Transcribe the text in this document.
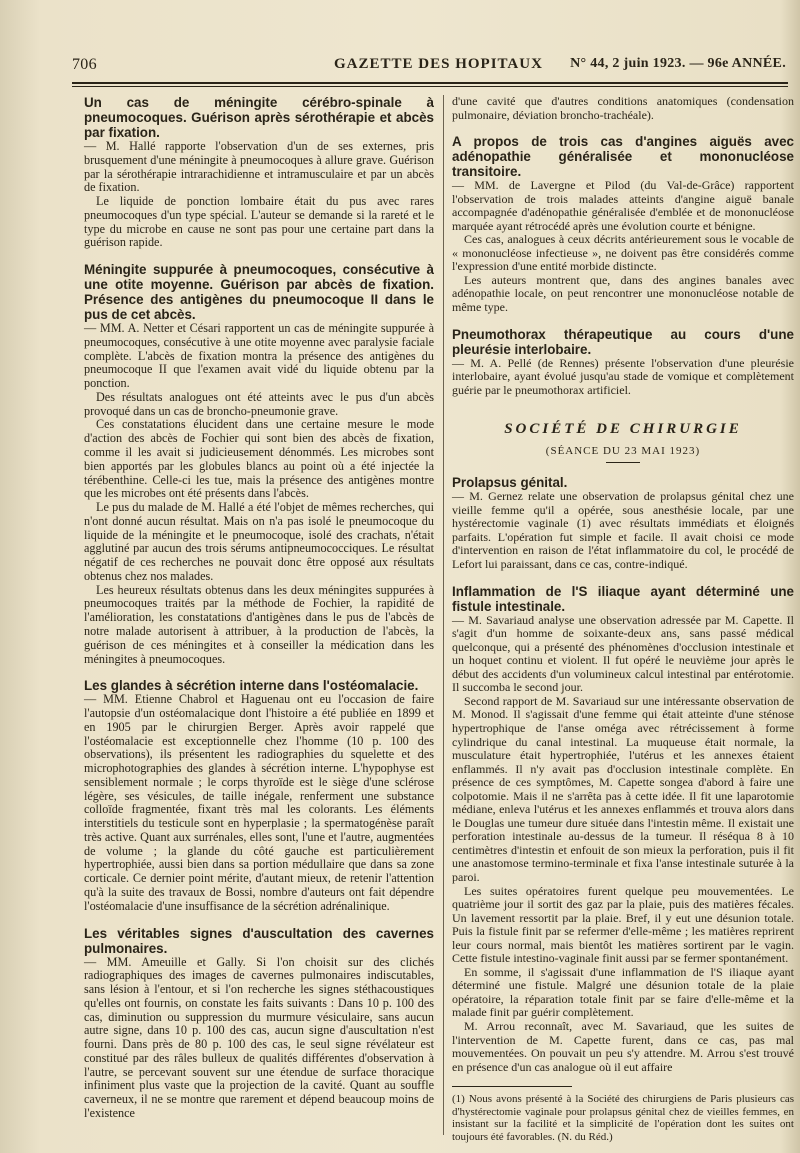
706	GAZETTE DES HOPITAUX N° 44, 2 juin 1923. — 96e ANNÉE.
Un cas de méningite cérébro-spinale à pneumocoques. Guérison après sérothérapie et abcès par fixation.

— M. Hallé rapporte l'observation d'un de ses externes, pris brusquement d'une méningite à pneumocoques à allure grave. Guérison par la sérothérapie intrarachidienne et intramusculaire et par un abcès de fixation.

Le liquide de ponction lombaire était du pus avec rares pneumocoques d'un type spécial. L'auteur se demande si la rareté et le type du microbe en cause ne sont pas pour une certaine part dans la guérison rapide.

Méningite suppurée à pneumocoques, consécutive à une otite moyenne. Guérison par abcès de fixation. Présence des antigènes du pneumocoque II dans le pus de cet abcès.

— MM. A. Netter et Césari rapportent un cas de méningite suppurée à pneumocoques, consécutive à une otite moyenne avec paralysie faciale complète. L'abcès de fixation montra la présence des antigènes du pneumocoque II que l'examen avait vidé du liquide obtenu par la ponction.

Des résultats analogues ont été atteints avec le pus d'un abcès provoqué dans un cas de broncho-pneumonie grave.

Ces constatations élucident dans une certaine mesure le mode d'action des abcès de Fochier qui sont bien des abcès de fixation, comme il les avait si judicieusement dénommés. Les microbes sont bien apportés par les globules blancs au point où a été injectée la térébenthine. Celle-ci les tue, mais la présence des antigènes montre que les microbes ont été présents dans l'abcès.

Le pus du malade de M. Hallé a été l'objet de mêmes recherches, qui n'ont donné aucun résultat. Mais on n'a pas isolé le pneumocoque du liquide de la méningite et le pneumocoque, isolé des crachats, n'était agglutiné par aucun des trois sérums antipneumococciques. Le résultat négatif de ces recherches ne pouvait donc être opposé aux résultats obtenus chez nos malades.

Les heureux résultats obtenus dans les deux méningites suppurées à pneumocoques traités par la méthode de Fochier, la rapidité de l'amélioration, les constatations d'antigènes dans le pus de l'abcès de notre malade autorisent à attribuer, à la production de l'abcès, la guérison de ces méningites et à conseiller la médication dans les méningites à pneumocoques.

Les glandes à sécrétion interne dans l'ostéomalacie.

— MM. Etienne Chabrol et Haguenau ont eu l'occasion de faire l'autopsie d'un ostéomalacique dont l'histoire a été publiée en 1899 et en 1905 par le chirurgien Berger. Après avoir rappelé que l'ostéomalacie est exceptionnelle chez l'homme (10 p. 100 des observations), ils présentent les radiographies du squelette et des microphotographies des glandes à sécrétion interne. L'hypophyse est sensiblement normale ; le corps thyroïde est le siège d'une sclérose légère, ses vésicules, de taille inégale, renferment une substance colloïde fragmentée, fixant très mal les colorants. Les éléments interstitiels du testicule sont en hyperplasie ; la spermatogénèse paraît très active. Quant aux surrénales, elles sont, l'une et l'autre, augmentées de volume ; la glande du côté gauche est particulièrement hypertrophiée, aussi bien dans sa portion médullaire que dans sa zone corticale. Ce dernier point mérite, d'autant mieux, de retenir l'attention qu'à la suite des travaux de Bossi, nombre d'auteurs ont fait dépendre l'ostéomalacie d'une insuffisance de la sécrétion adrénalinique.

Les véritables signes d'auscultation des cavernes pulmonaires.

— MM. Ameuille et Gally. Si l'on choisit sur des clichés radiographiques des images de cavernes pulmonaires indiscutables, sans lésion à l'entour, et si l'on recherche les signes stéthacoustiques qu'elles ont fournis, on constate les faits suivants : Dans 10 p. 100 des cas, diminution ou suppression du murmure vésiculaire, sans aucun autre signe, dans 10 p. 100 des cas, aucun signe d'auscultation n'est fourni. Dans près de 80 p. 100 des cas, le seul signe révélateur est constitué par des râles bulleux de qualités différentes d'observation à l'autre, se percevant souvent sur une étendue de surface thoracique infiniment plus vaste que la projection de la cavité. Quant au souffle caverneux, il ne se montre que rarement et dépend beaucoup moins de l'existence

d'une cavité que d'autres conditions anatomiques (condensation pulmonaire, déviation broncho-trachéale).

A propos de trois cas d'angines aiguës avec adénopathie généralisée et mononucléose transitoire.

— MM. de Lavergne et Pilod (du Val-de-Grâce) rapportent l'observation de trois malades atteints d'angine aiguë banale accompagnée d'adénopathie généralisée d'emblée et de mononucléose marquée ayant rétrocédé après une évolution courte et bénigne.

Ces cas, analogues à ceux décrits antérieurement sous le vocable de « mononucléose infectieuse », ne doivent pas être considérés comme l'expression d'une entité morbide distincte.

Les auteurs montrent que, dans des angines banales avec adénopathie locale, on peut rencontrer une mononucléose notable de même type.

Pneumothorax thérapeutique au cours d'une pleurésie interlobaire.

— M. A. Pellé (de Rennes) présente l'observation d'une pleurésie interlobaire, ayant évolué jusqu'au stade de vomique et complètement guérie par le pneumothorax artificiel.

SOCIÉTÉ DE CHIRURGIE
(SÉANCE DU 23 MAI 1923)
Prolapsus génital.

— M. Gernez relate une observation de prolapsus génital chez une vieille femme qu'il a opérée, sous anesthésie locale, par une hystérectomie vaginale (1) avec résultats immédiats et éloignés parfaits. L'opération fut simple et facile. Il avait choisi ce mode d'intervention en raison de l'état inflammatoire du col, le procédé de Lefort lui paraissant, dans ce cas, contre-indiqué.

Inflammation de l'S iliaque ayant déterminé une fistule intestinale.

— M. Savariaud analyse une observation adressée par M. Capette. Il s'agit d'un homme de soixante-deux ans, sans passé médical quelconque, qui a présenté des phénomènes d'occlusion intestinale et un hoquet continu et violent. Il fut opéré le neuvième jour après le début des accidents d'un volumineux calcul intestinal par entérotomie. Il succomba le second jour.

Second rapport de M. Savariaud sur une intéressante observation de M. Monod. Il s'agissait d'une femme qui était atteinte d'une sténose hypertrophique de l'anse oméga avec rétrécissement à forme cylindrique du canal intestinal. La muqueuse était normale, la musculature était hypertrophiée, l'utérus et les annexes étaient enflammés. Il n'y avait pas d'occlusion intestinale complète. En présence de ces symptômes, M. Capette songea d'abord à faire une colpotomie. Mais il ne s'arrêta pas à cette idée. Il fit une laparotomie médiane, enleva l'utérus et les annexes enflammés et trouva alors dans le Douglas une tumeur dure située dans l'intestin même. Il existait une perforation intestinale au-dessus de la tumeur. Il réséqua 8 à 10 centimètres d'intestin et enfouit de son mieux la perforation, puis il fit une anastomose termino-terminale et fixa l'anse intestinale suturée à la paroi.

Les suites opératoires furent quelque peu mouvementées. Le quatrième jour il sortit des gaz par la plaie, puis des matières fécales. Un lavement ressortit par la plaie. Bref, il y eut une désunion totale. Puis la fistule finit par se refermer d'elle-même ; les matières reprirent leur cours normal, mais bientôt les matières sortirent par le vagin. Cette fistule intestino-vaginale finit aussi par se fermer spontanément.

En somme, il s'agissait d'une inflammation de l'S iliaque ayant déterminé une fistule. Malgré une désunion totale de la plaie opératoire, la réparation totale finit par se faire d'elle-même et la malade finit par guérir complètement.

M. Arrou reconnaît, avec M. Savariaud, que les suites de l'intervention de M. Capette furent, dans ce cas, pas mal mouvementées. On pouvait un peu s'y attendre. M. Arrou s'est trouvé en présence d'un cas analogue où il eut affaire

(1) Nous avons présenté à la Société des chirurgiens de Paris plusieurs cas d'hystérectomie vaginale pour prolapsus génital chez de vieilles femmes, en insistant sur la facilité et la simplicité de l'opération dont les suites ont toujours été favorables. (N. du Réd.)
